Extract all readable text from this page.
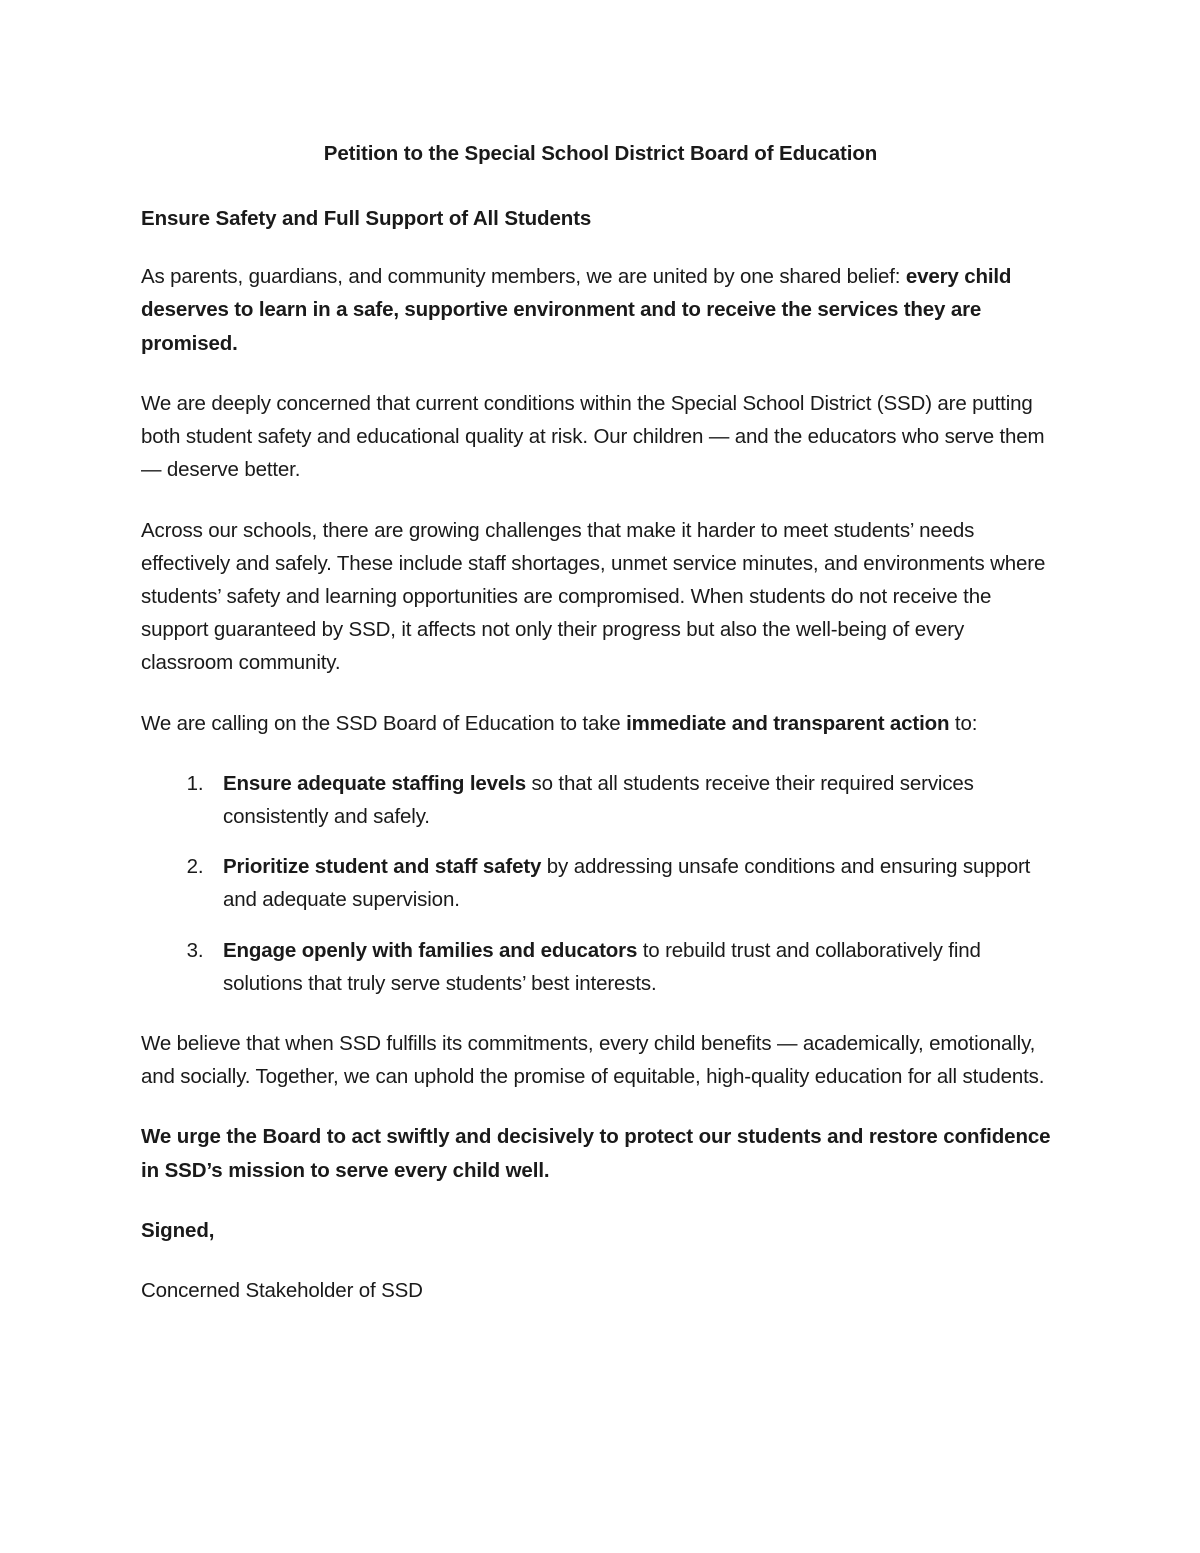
Petition to the Special School District Board of Education
Ensure Safety and Full Support of All Students

As parents, guardians, and community members, we are united by one shared belief: every child deserves to learn in a safe, supportive environment and to receive the services they are promised.

We are deeply concerned that current conditions within the Special School District (SSD) are putting both student safety and educational quality at risk. Our children — and the educators who serve them — deserve better.

Across our schools, there are growing challenges that make it harder to meet students’ needs effectively and safely. These include staff shortages, unmet service minutes, and environments where students’ safety and learning opportunities are compromised. When students do not receive the support guaranteed by SSD, it affects not only their progress but also the well-being of every classroom community.

We are calling on the SSD Board of Education to take immediate and transparent action to:

1. Ensure adequate staffing levels so that all students receive their required services consistently and safely.
2. Prioritize student and staff safety by addressing unsafe conditions and ensuring support and adequate supervision.
3. Engage openly with families and educators to rebuild trust and collaboratively find solutions that truly serve students’ best interests.

We believe that when SSD fulfills its commitments, every child benefits — academically, emotionally, and socially. Together, we can uphold the promise of equitable, high-quality education for all students.

We urge the Board to act swiftly and decisively to protect our students and restore confidence in SSD’s mission to serve every child well.

Signed,

Concerned Stakeholder of SSD
